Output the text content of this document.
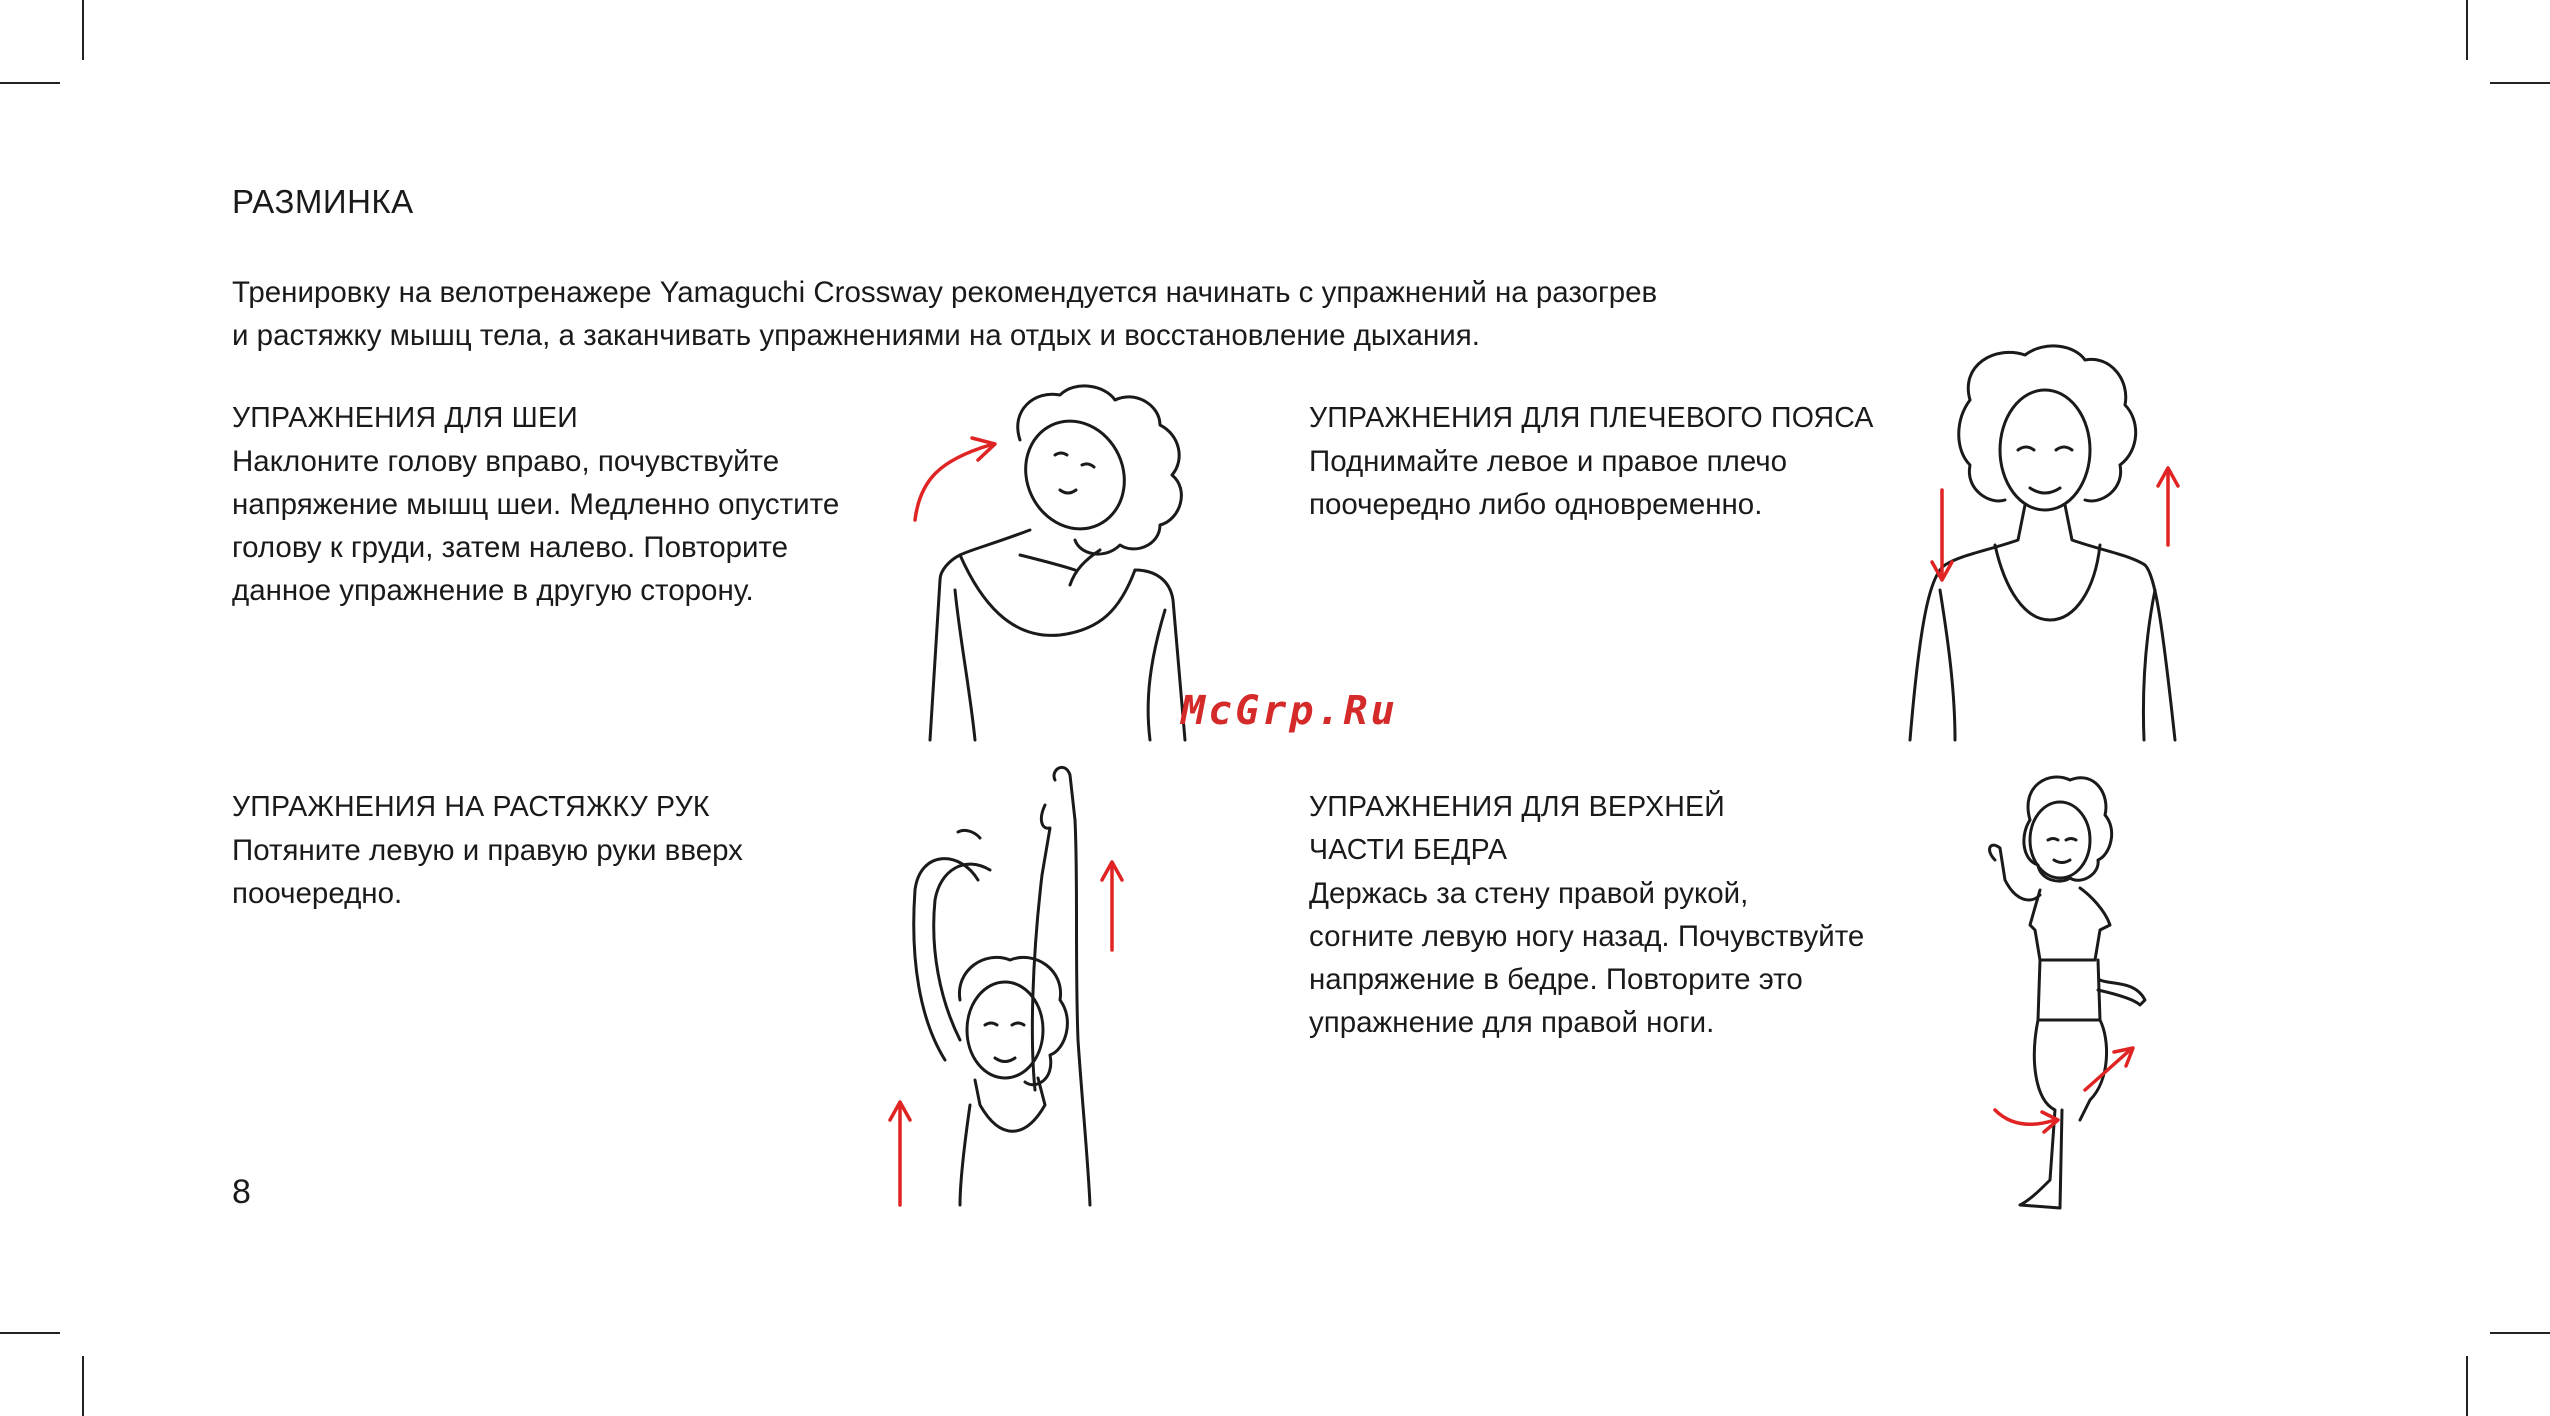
РАЗМИНКА
Тренировку на велотренажере Yamaguchi Crossway рекомендуется начинать с упражнений на разогрев
и растяжку мышц тела, а заканчивать упражнениями на отдых и восстановление дыхания.
УПРАЖНЕНИЯ ДЛЯ ШЕИ
Наклоните голову вправо, почувствуйте
напряжение мышц шеи. Медленно опустите
голову к груди, затем налево. Повторите
данное упражнение в другую сторону.
УПРАЖНЕНИЯ ДЛЯ ПЛЕЧЕВОГО ПОЯСА
Поднимайте левое и правое плечо
поочередно либо одновременно.
УПРАЖНЕНИЯ НА РАСТЯЖКУ РУК
Потяните левую и правую руки вверх
поочередно.
УПРАЖНЕНИЯ ДЛЯ ВЕРХНЕЙ
ЧАСТИ БЕДРА
Держась за стену правой рукой,
согните левую ногу назад. Почувствуйте
напряжение в бедре. Повторите это
упражнение для правой ноги.
McGrp.Ru
8
